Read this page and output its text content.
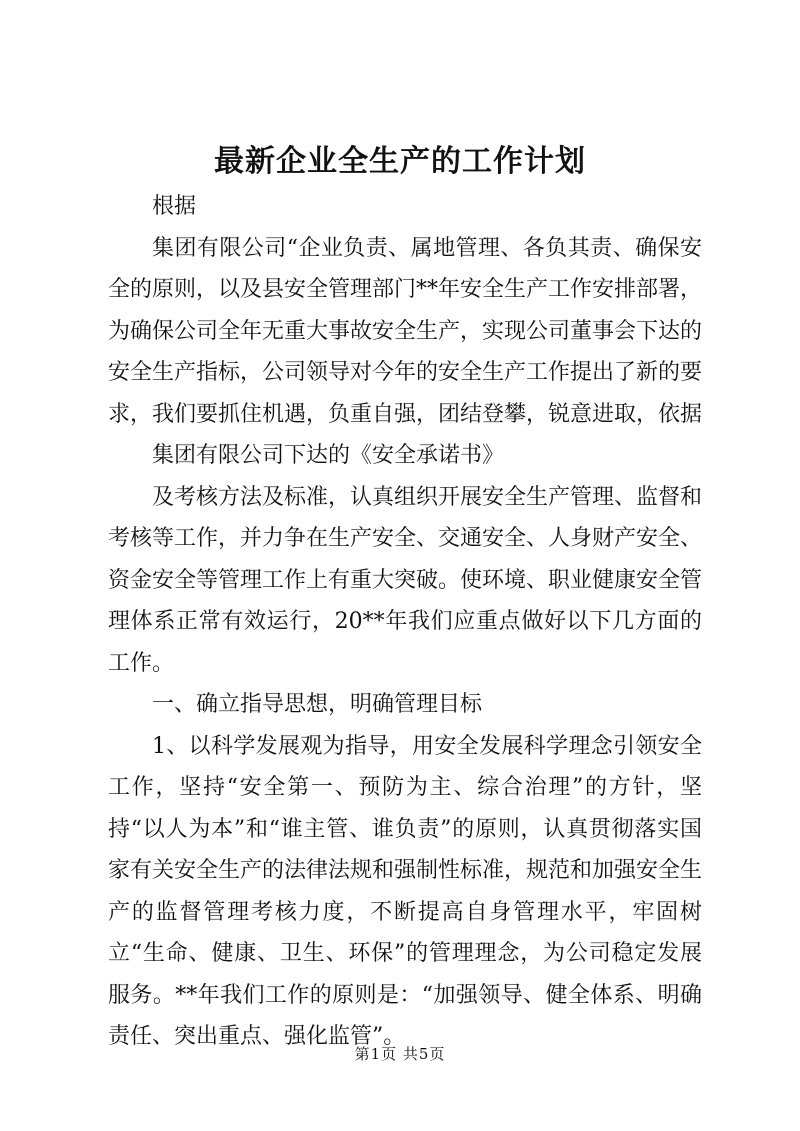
最新企业全生产的工作计划

根据

集团有限公司“企业负责、属地管理、各负其责、确保安全的原则，以及县安全管理部门**年安全生产工作安排部署，为确保公司全年无重大事故安全生产，实现公司董事会下达的安全生产指标，公司领导对今年的安全生产工作提出了新的要求，我们要抓住机遇，负重自强，团结登攀，锐意进取，依据

集团有限公司下达的《安全承诺书》

及考核方法及标准，认真组织开展安全生产管理、监督和考核等工作，并力争在生产安全、交通安全、人身财产安全、资金安全等管理工作上有重大突破。使环境、职业健康安全管理体系正常有效运行，20**年我们应重点做好以下几方面的工作。

一、确立指导思想，明确管理目标

1、以科学发展观为指导，用安全发展科学理念引领安全工作，坚持“安全第一、预防为主、综合治理”的方针，坚持“以人为本”和“谁主管、谁负责”的原则，认真贯彻落实国家有关安全生产的法律法规和强制性标准，规范和加强安全生产的监督管理考核力度，不断提高自身管理水平，牢固树立“生命、健康、卫生、环保”的管理理念，为公司稳定发展服务。**年我们工作的原则是：“加强领导、健全体系、明确责任、突出重点、强化监管”。

第1页 共5页
